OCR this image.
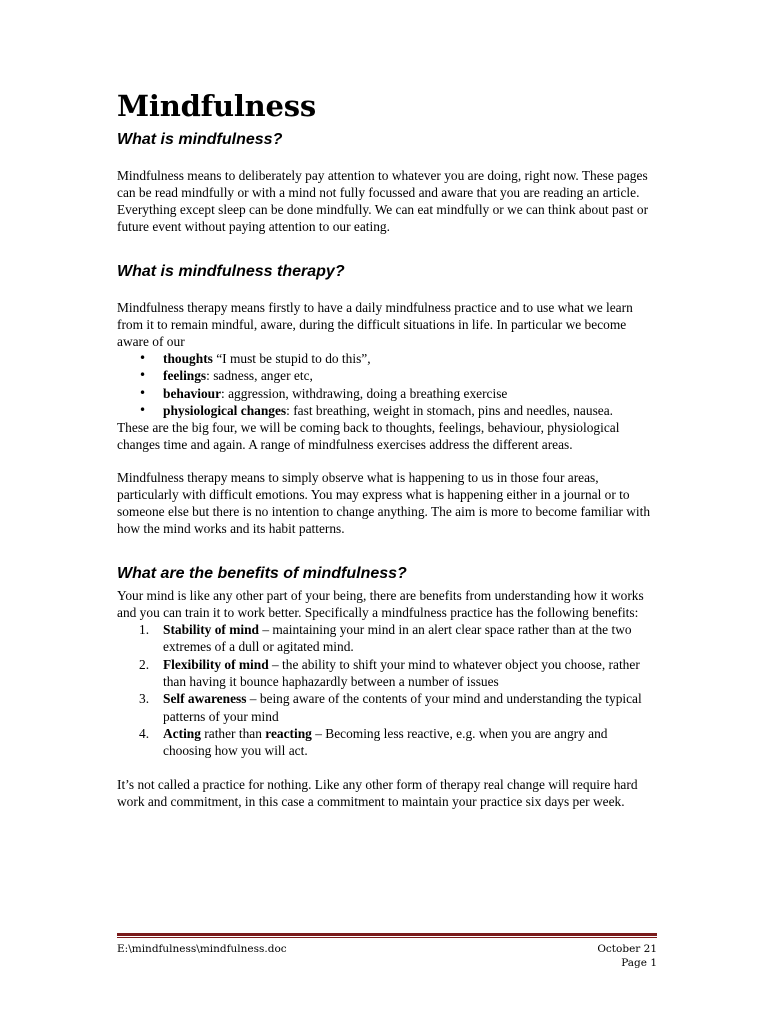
Mindfulness
What is mindfulness?

Mindfulness means to deliberately pay attention to whatever you are doing, right now. These pages can be read mindfully or with a mind not fully focussed and aware that you are reading an article. Everything except sleep can be done mindfully. We can eat mindfully or we can think about past or future event without paying attention to our eating.

What is mindfulness therapy?

Mindfulness therapy means firstly to have a daily mindfulness practice and to use what we learn from it to remain mindful, aware, during the difficult situations in life. In particular we become aware of our

• thoughts “I must be stupid to do this”,
• feelings: sadness, anger etc,
• behaviour: aggression, withdrawing, doing a breathing exercise
• physiological changes: fast breathing, weight in stomach, pins and needles, nausea.

These are the big four, we will be coming back to thoughts, feelings, behaviour, physiological changes time and again. A range of mindfulness exercises address the different areas.

Mindfulness therapy means to simply observe what is happening to us in those four areas, particularly with difficult emotions. You may express what is happening either in a journal or to someone else but there is no intention to change anything. The aim is more to become familiar with how the mind works and its habit patterns.

What are the benefits of mindfulness?

Your mind is like any other part of your being, there are benefits from understanding how it works and you can train it to work better. Specifically a mindfulness practice has the following benefits:

1. Stability of mind – maintaining your mind in an alert clear space rather than at the two extremes of a dull or agitated mind.
2. Flexibility of mind – the ability to shift your mind to whatever object you choose, rather than having it bounce haphazardly between a number of issues
3. Self awareness – being aware of the contents of your mind and understanding the typical patterns of your mind
4. Acting rather than reacting – Becoming less reactive, e.g. when you are angry and choosing how you will act.

It’s not called a practice for nothing. Like any other form of therapy real change will require hard work and commitment, in this case a commitment to maintain your practice six days per week.

E:\mindfulness\mindfulness.doc	October 21
Page 1
